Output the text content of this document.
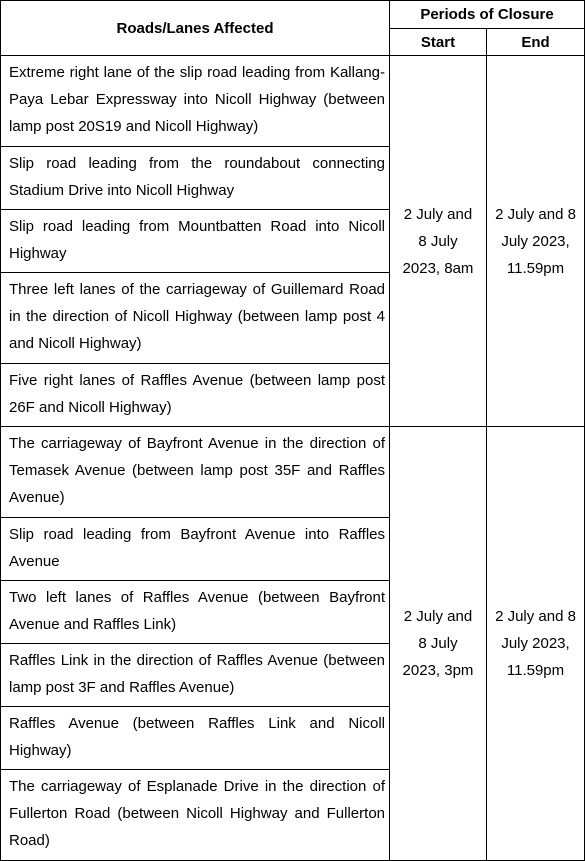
Roads/Lanes Affected	Periods of Closure	
	Start	End
Extreme right lane of the slip road leading from Kallang-Paya Lebar Expressway into Nicoll Highway (between lamp post 20S19 and Nicoll Highway)	2 July and 8 July 2023, 8am	2 July and 8 July 2023, 11.59pm
Slip road leading from the roundabout connecting Stadium Drive into Nicoll Highway		
Slip road leading from Mountbatten Road into Nicoll Highway		
Three left lanes of the carriageway of Guillemard Road in the direction of Nicoll Highway (between lamp post 4 and Nicoll Highway)		
Five right lanes of Raffles Avenue (between lamp post 26F and Nicoll Highway)		
The carriageway of Bayfront Avenue in the direction of Temasek Avenue (between lamp post 35F and Raffles Avenue)	2 July and 8 July 2023, 3pm	2 July and 8 July 2023, 11.59pm
Slip road leading from Bayfront Avenue into Raffles Avenue		
Two left lanes of Raffles Avenue (between Bayfront Avenue and Raffles Link)		
Raffles Link in the direction of Raffles Avenue (between lamp post 3F and Raffles Avenue)		
Raffles Avenue (between Raffles Link and Nicoll Highway)		
The carriageway of Esplanade Drive in the direction of Fullerton Road (between Nicoll Highway and Fullerton Road)		
